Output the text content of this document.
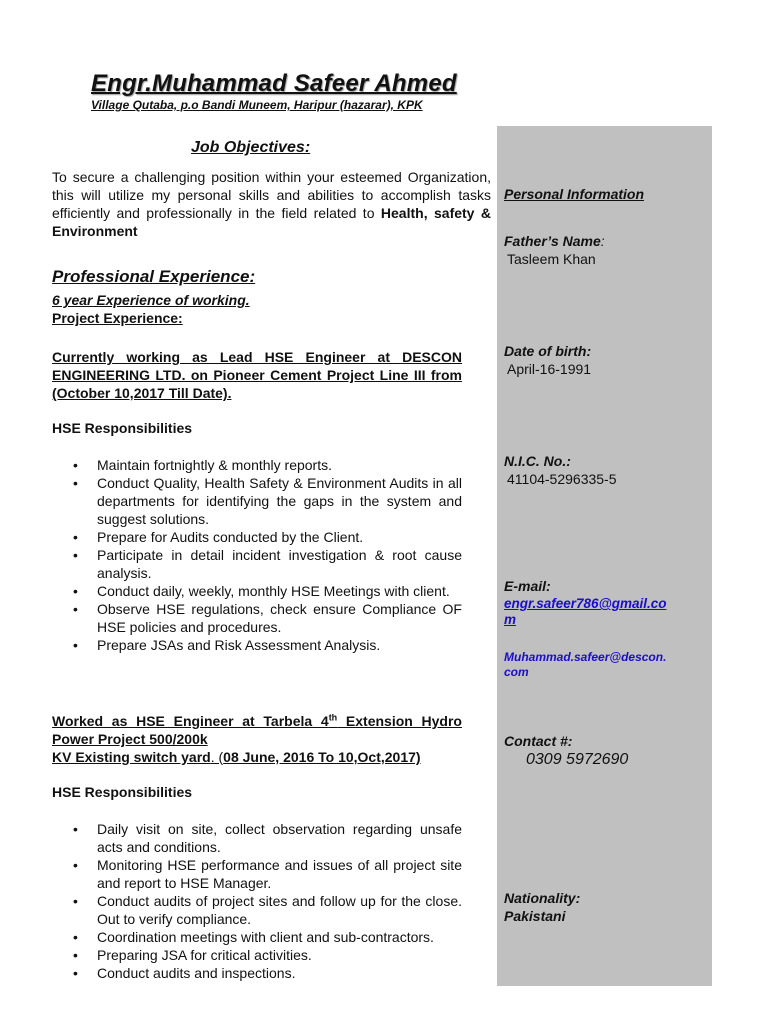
Engr.Muhammad Safeer Ahmed
Village Qutaba, p.o Bandi Muneem, Haripur (hazarar), KPK

Personal Information

Father’s Name:

Tasleem Khan

Date of birth:

April-16-1991

N.I.C. No.:

41104-5296335-5

E-mail:

engr.safeer786@gmail.co
m
Muhammad.safeer@descon.
com

Contact #:

0309 5972690

Nationality:

Pakistani

Job Objectives:

To secure a challenging position within your esteemed Organization, this will utilize my personal skills and abilities to accomplish tasks efficiently and professionally in the field related to Health, safety & Environment

Professional Experience:
6 year Experience of working.
Project Experience:

Currently working as Lead HSE Engineer at DESCON ENGINEERING LTD. on Pioneer Cement Project Line III from (October 10,2017 Till Date).

HSE Responsibilities

• Maintain fortnightly & monthly reports.
• Conduct Quality, Health Safety & Environment Audits in all departments for identifying the gaps in the system and suggest solutions.
• Prepare for Audits conducted by the Client.
• Participate in detail incident investigation & root cause analysis.
• Conduct daily, weekly, monthly HSE Meetings with client.
• Observe HSE regulations, check ensure Compliance OF HSE policies and procedures.
• Prepare JSAs and Risk Assessment Analysis.

Worked as HSE Engineer at Tarbela 4th Extension Hydro Power Project 500/200k
KV Existing switch yard. (08 June, 2016 To 10,Oct,2017)

HSE Responsibilities

• Daily visit on site, collect observation regarding unsafe acts and conditions.
• Monitoring HSE performance and issues of all project site and report to HSE Manager.
• Conduct audits of project sites and follow up for the close. Out to verify compliance.
• Coordination meetings with client and sub-contractors.
• Preparing JSA for critical activities.
• Conduct audits and inspections.
